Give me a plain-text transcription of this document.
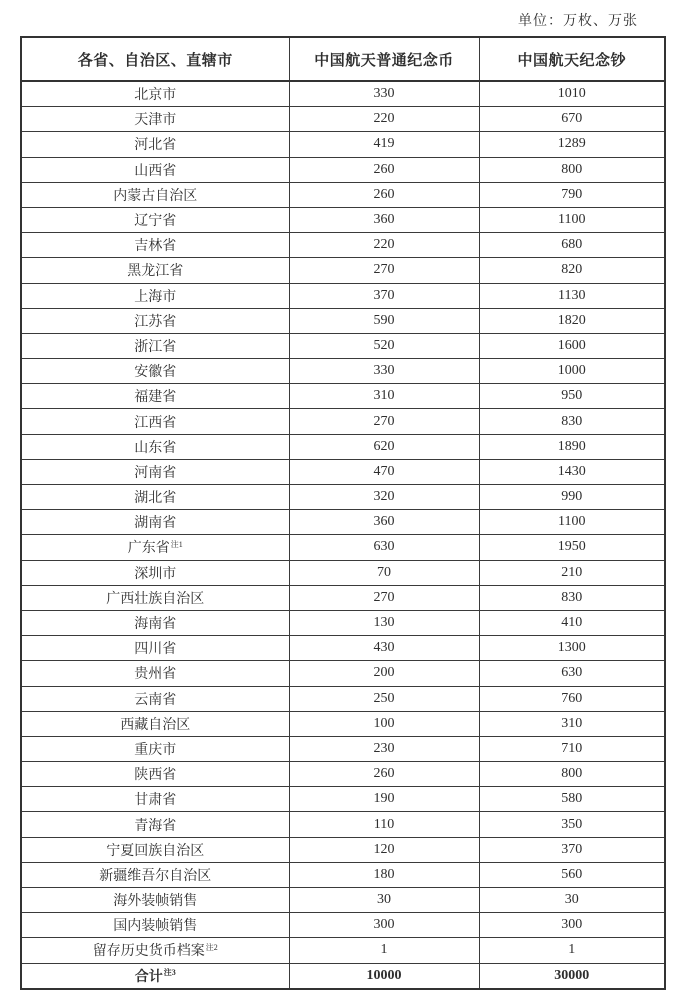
单位：万枚、万张
各省、自治区、直辖市	中国航天普通纪念币	中国航天纪念钞
北京市	330	1010
天津市	220	670
河北省	419	1289
山西省	260	800
内蒙古自治区	260	790
辽宁省	360	1100
吉林省	220	680
黑龙江省	270	820
上海市	370	1130
江苏省	590	1820
浙江省	520	1600
安徽省	330	1000
福建省	310	950
江西省	270	830
山东省	620	1890
河南省	470	1430
湖北省	320	990
湖南省	360	1100
广东省$^{注1}$	630	1950
深圳市	70	210
广西壮族自治区	270	830
海南省	130	410
四川省	430	1300
贵州省	200	630
云南省	250	760
西藏自治区	100	310
重庆市	230	710
陕西省	260	800
甘肃省	190	580
青海省	110	350
宁夏回族自治区	120	370
新疆维吾尔自治区	180	560
海外装帧销售	30	30
国内装帧销售	300	300
留存历史货币档案$^{注2}$	1	1
合计$^{注3}$	10000	30000
